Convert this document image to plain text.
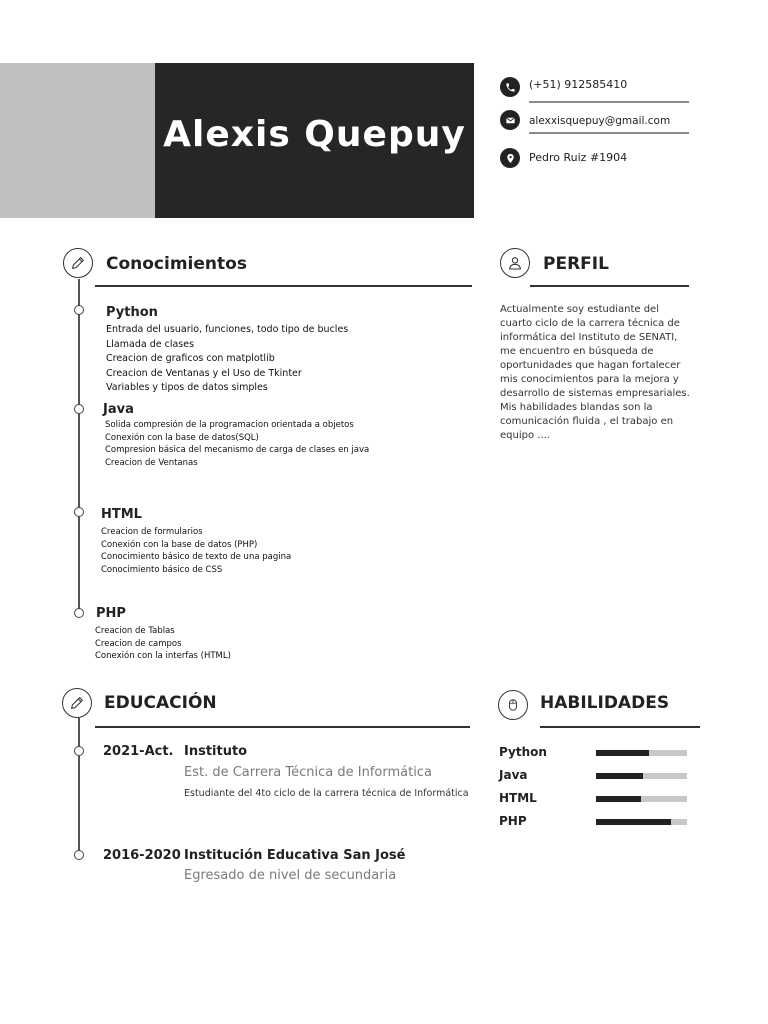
Alexis Quepuy
(+51) 912585410
alexxisquepuy@gmail.com
Pedro Ruiz #1904
Conocimientos
Python
Entrada del usuario, funciones, todo tipo de bucles
Llamada de clases
Creacion de graficos con matplotlib
Creacion de Ventanas y el Uso de Tkinter
Variables y tipos de datos simples
Java
Solida compresión de la programacion orientada a objetos
Conexión con la base de datos(SQL)
Compresion básica del mecanismo de carga de clases en java
Creacion de Ventanas
HTML
Creacion de formularios
Conexión con la base de datos (PHP)
Conocimiento básico de texto de una pagina
Conocimiento básico de CSS
PHP
Creacion de Tablas
Creacion de campos
Conexión con la interfas (HTML)
PERFIL
Actualmente soy estudiante del cuarto ciclo de la carrera técnica de informática del Instituto de SENATI, me encuentro en búsqueda de oportunidades que hagan fortalecer mis conocimientos para la mejora y desarrollo de sistemas empresariales. Mis habilidades blandas son la comunicación fluida , el trabajo en equipo ....
EDUCACIÓN
2021-Act. Instituto
Est. de Carrera Técnica de Informática
Estudiante del 4to ciclo de la carrera técnica de Informática
2016-2020 Institución Educativa San José
Egresado de nivel de secundaria
HABILIDADES
Python
Java
HTML
PHP
